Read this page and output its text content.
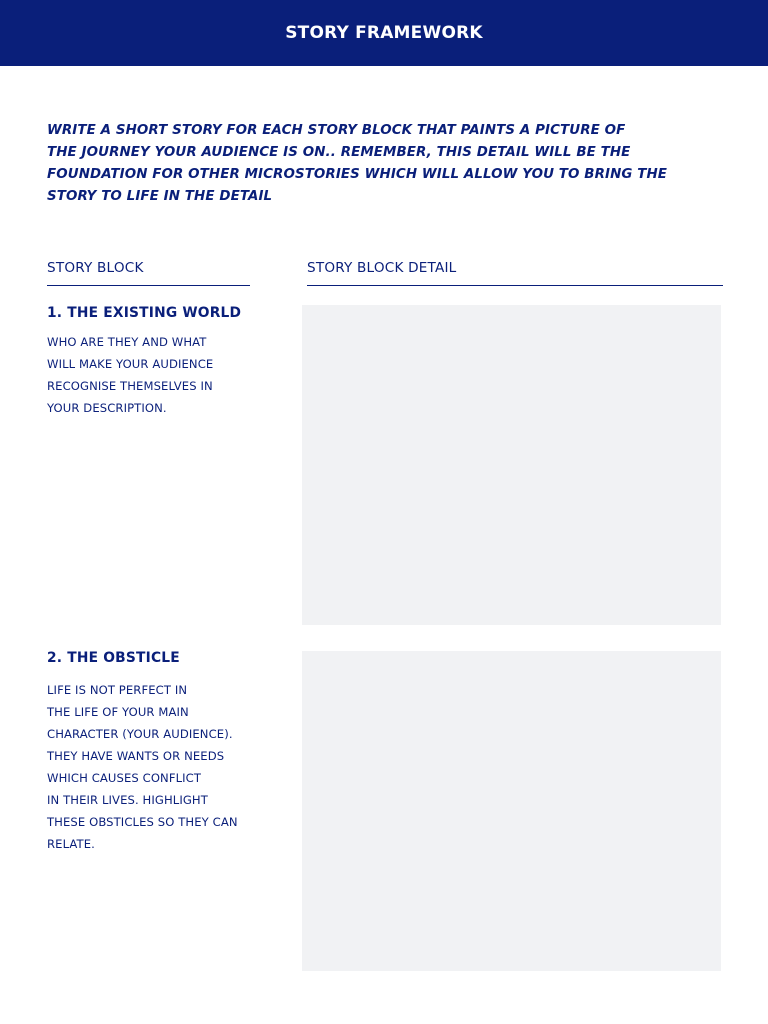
STORY FRAMEWORK
WRITE A SHORT STORY FOR EACH STORY BLOCK THAT PAINTS A PICTURE OF
THE JOURNEY YOUR AUDIENCE IS ON.. REMEMBER, THIS DETAIL WILL BE THE
FOUNDATION FOR OTHER MICROSTORIES WHICH WILL ALLOW YOU TO BRING THE
STORY TO LIFE IN THE DETAIL
STORY BLOCK	STORY BLOCK DETAIL
1. THE EXISTING WORLD
WHO ARE THEY AND WHAT
WILL MAKE YOUR AUDIENCE
RECOGNISE THEMSELVES IN
YOUR DESCRIPTION.
2. THE OBSTICLE
LIFE IS NOT PERFECT IN
THE LIFE OF YOUR MAIN
CHARACTER (YOUR AUDIENCE).
THEY HAVE WANTS OR NEEDS
WHICH CAUSES CONFLICT
IN THEIR LIVES. HIGHLIGHT
THESE OBSTICLES SO THEY CAN
RELATE.
